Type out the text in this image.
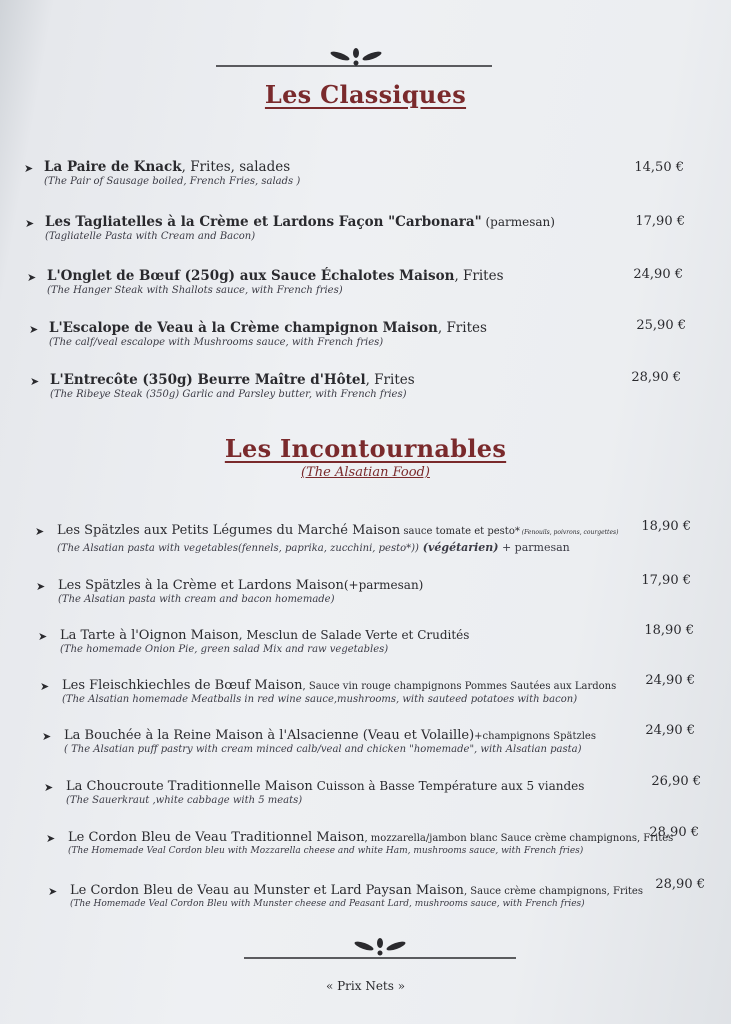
Les Classiques
➤ La Paire de Knack, Frites, salades
(The Pair of Sausage boiled, French Fries, salads )
14,50 €
➤ Les Tagliatelles à la Crème et Lardons Façon "Carbonara" (parmesan)
(Tagliatelle Pasta with Cream and Bacon)
17,90 €
➤ L'Onglet de Bœuf (250g) aux Sauce Échalotes Maison, Frites
(The Hanger Steak with Shallots sauce, with French fries)
24,90 €
➤ L'Escalope de Veau à la Crème champignon Maison, Frites
(The calf/veal escalope with Mushrooms sauce, with French fries)
25,90 €
➤ L'Entrecôte (350g) Beurre Maître d'Hôtel, Frites
(The Ribeye Steak (350g) Garlic and Parsley butter, with French fries)
28,90 €
Les Incontournables
(The Alsatian Food)
➤ Les Spätzles aux Petits Légumes du Marché Maison sauce tomate et pesto* (Fenouils, poivrons, courgettes)
(The Alsatian pasta with vegetables(fennels, paprika, zucchini, pesto*)) (végétarien) + parmesan
18,90 €
➤ Les Spätzles à la Crème et Lardons Maison(+parmesan)
(The Alsatian pasta with cream and bacon homemade)
17,90 €
➤ La Tarte à l'Oignon Maison, Mesclun de Salade Verte et Crudités
(The homemade Onion Pie, green salad Mix and raw vegetables)
18,90 €
➤ Les Fleischkiechles de Bœuf Maison, Sauce vin rouge champignons Pommes Sautées aux Lardons
(The Alsatian homemade Meatballs in red wine sauce,mushrooms, with sauteed potatoes with bacon)
24,90 €
➤ La Bouchée à la Reine Maison à l'Alsacienne (Veau et Volaille)+champignons Spätzles
( The Alsatian puff pastry with cream minced calb/veal and chicken "homemade", with Alsatian pasta)
24,90 €
➤ La Choucroute Traditionnelle Maison Cuisson à Basse Température aux 5 viandes
(The Sauerkraut ,white cabbage with 5 meats)
26,90 €
➤ Le Cordon Bleu de Veau Traditionnel Maison, mozzarella/jambon blanc Sauce crème champignons, Frites
(The Homemade Veal Cordon bleu with Mozzarella cheese and white Ham, mushrooms sauce, with French fries)
28,90 €
➤ Le Cordon Bleu de Veau au Munster et Lard Paysan Maison, Sauce crème champignons, Frites
(The Homemade Veal Cordon Bleu with Munster cheese and Peasant Lard, mushrooms sauce, with French fries)
28,90 €
« Prix Nets »
